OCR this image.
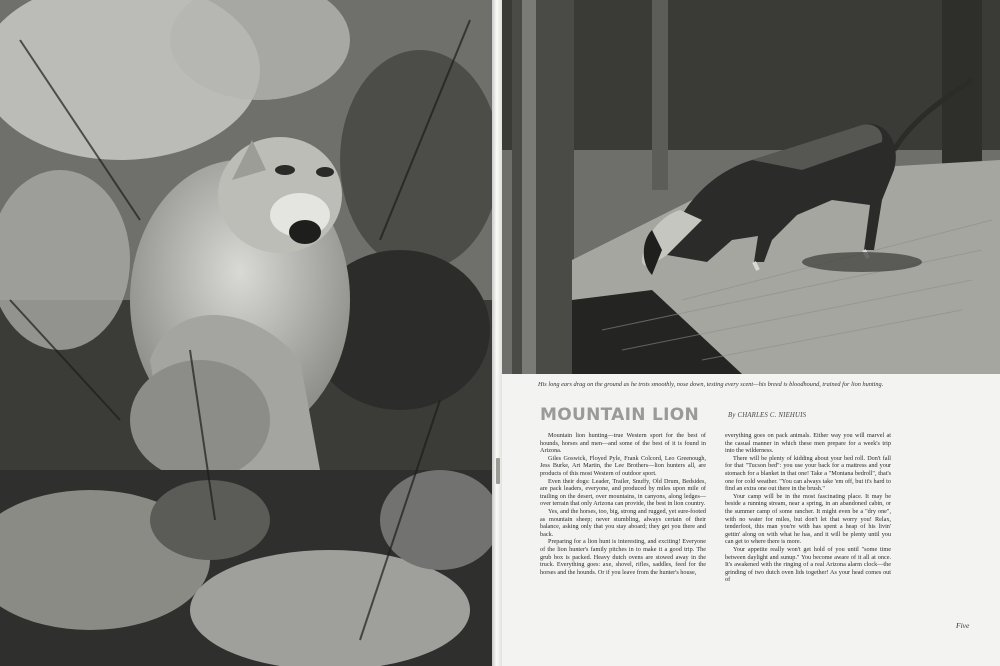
His long ears drag on the ground as he trots smoothly, nose down, testing every scent—his breed is bloodhound, trained for lion hunting.
MOUNTAIN LION	By CHARLES C. NIEHUIS

Mountain lion hunting—true Western sport for the best of hounds, horses and men—and some of the best of it is found in Arizona.

Giles Goswick, Floyed Pyle, Frank Colcord, Leo Greenough, Jess Burke, Art Martin, the Lee Brothers—lion hunters all, are products of this most Western of outdoor sport.

Even their dogs: Leader, Trailer, Snuffy, Old Drum, Bedsides, are pack leaders, everyone, and produced by miles upon mile of trailing on the desert, over mountains, in canyons, along ledges—over terrain that only Arizona can provide, the best in lion country.

Yes, and the horses, too, big, strong and rugged, yet sure-footed as mountain sheep; never stumbling, always certain of their balance, asking only that you stay aboard; they get you there and back.

Preparing for a lion hunt is interesting, and exciting! Everyone of the lion hunter's family pitches in to make it a good trip. The grub box is packed. Heavy dutch ovens are stowed away in the truck. Everything goes: axe, shovel, rifles, saddles, feed for the horses and the hounds. Or if you leave from the hunter's house,

everything goes on pack animals. Either way you will marvel at the casual manner in which these men prepare for a week's trip into the wilderness.

There will be plenty of kidding about your bed roll. Don't fall for that "Tucson bed": you use your back for a mattress and your stomach for a blanket in that one! Take a "Montana bedroll", that's one for cold weather. "You can always take 'em off, but it's hard to find an extra one out there in the brush."

Your camp will be in the most fascinating place. It may be beside a running stream, near a spring, in an abandoned cabin, or the summer camp of some rancher. It might even be a "dry one", with no water for miles, but don't let that worry you! Relax, tenderfoot, this man you're with has spent a heap of his livin' gettin' along on with what he has, and it will be plenty until you can get to where there is more.

Your appetite really won't get hold of you until "some time between daylight and sunup." You become aware of it all at once. It's awakened with the ringing of a real Arizona alarm clock—the grinding of two dutch oven lids together! As your head comes out of

Five
